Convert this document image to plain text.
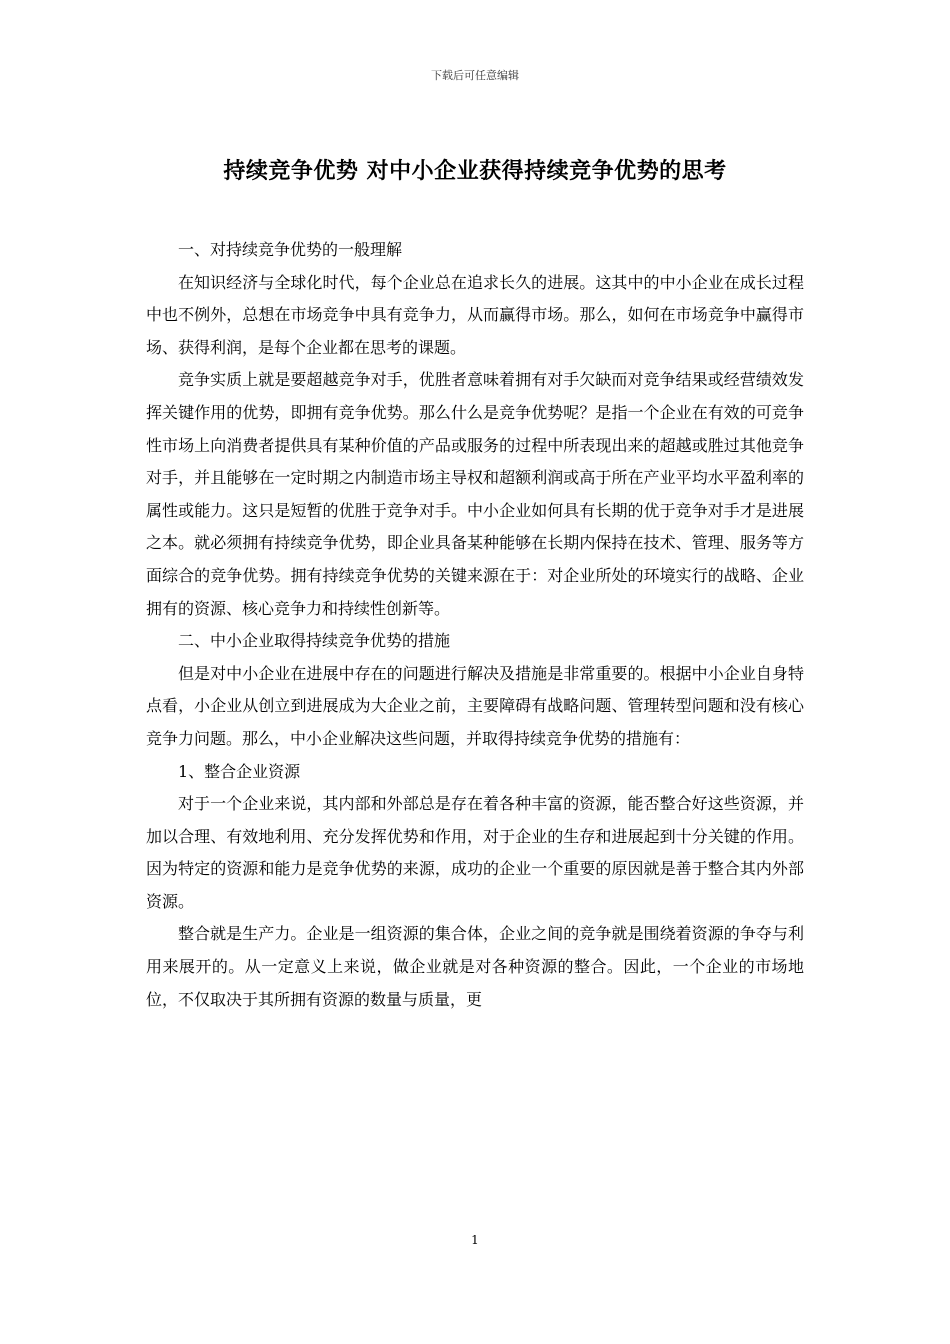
下载后可任意编辑
持续竞争优势 对中小企业获得持续竞争优势的思考

一、对持续竞争优势的一般理解

在知识经济与全球化时代，每个企业总在追求长久的进展。这其中的中小企业在成长过程中也不例外，总想在市场竞争中具有竞争力，从而赢得市场。那么，如何在市场竞争中赢得市场、获得利润，是每个企业都在思考的课题。

竞争实质上就是要超越竞争对手，优胜者意味着拥有对手欠缺而对竞争结果或经营绩效发挥关键作用的优势，即拥有竞争优势。那么什么是竞争优势呢？是指一个企业在有效的可竞争性市场上向消费者提供具有某种价值的产品或服务的过程中所表现出来的超越或胜过其他竞争对手，并且能够在一定时期之内制造市场主导权和超额利润或高于所在产业平均水平盈利率的属性或能力。这只是短暂的优胜于竞争对手。中小企业如何具有长期的优于竞争对手才是进展之本。就必须拥有持续竞争优势，即企业具备某种能够在长期内保持在技术、管理、服务等方面综合的竞争优势。拥有持续竞争优势的关键来源在于：对企业所处的环境实行的战略、企业拥有的资源、核心竞争力和持续性创新等。

二、中小企业取得持续竞争优势的措施

但是对中小企业在进展中存在的问题进行解决及措施是非常重要的。根据中小企业自身特点看，小企业从创立到进展成为大企业之前，主要障碍有战略问题、管理转型问题和没有核心竞争力问题。那么，中小企业解决这些问题，并取得持续竞争优势的措施有：

1、整合企业资源

对于一个企业来说，其内部和外部总是存在着各种丰富的资源，能否整合好这些资源，并加以合理、有效地利用、充分发挥优势和作用，对于企业的生存和进展起到十分关键的作用。因为特定的资源和能力是竞争优势的来源，成功的企业一个重要的原因就是善于整合其内外部资源。

整合就是生产力。企业是一组资源的集合体，企业之间的竞争就是围绕着资源的争夺与利用来展开的。从一定意义上来说，做企业就是对各种资源的整合。因此，一个企业的市场地位，不仅取决于其所拥有资源的数量与质量，更

1
